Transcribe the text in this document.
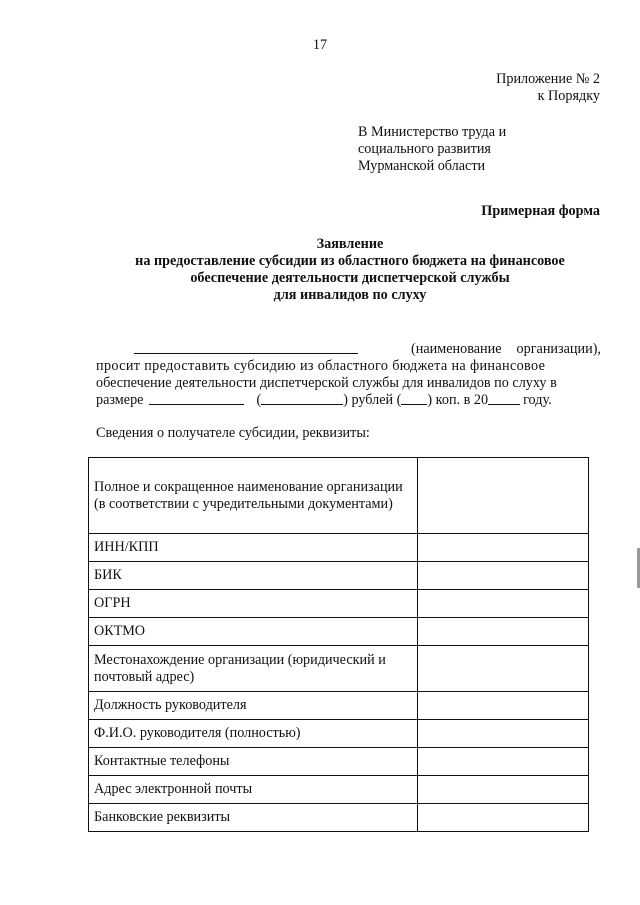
17
Приложение № 2
к Порядку
В Министерство труда и
социального развития
Мурманской области
Примерная форма
Заявление
на предоставление субсидии из областного бюджета на финансовое
обеспечение деятельности диспетчерской службы
для инвалидов по слуху
(наименование организации),
просит предоставить субсидию из областного бюджета на финансовое
обеспечение деятельности диспетчерской службы для инвалидов по слуху в
размере	(	) рублей ( ) коп. в 20 году.
Сведения о получателе субсидии, реквизиты:
Полное и сокращенное наименование организации (в соответствии с учредительными документами)	
ИНН/КПП	
БИК	
ОГРН	
ОКТМО	
Местонахождение организации (юридический и почтовый адрес)	
Должность руководителя	
Ф.И.О. руководителя (полностью)	
Контактные телефоны	
Адрес электронной почты	
Банковские реквизиты	
